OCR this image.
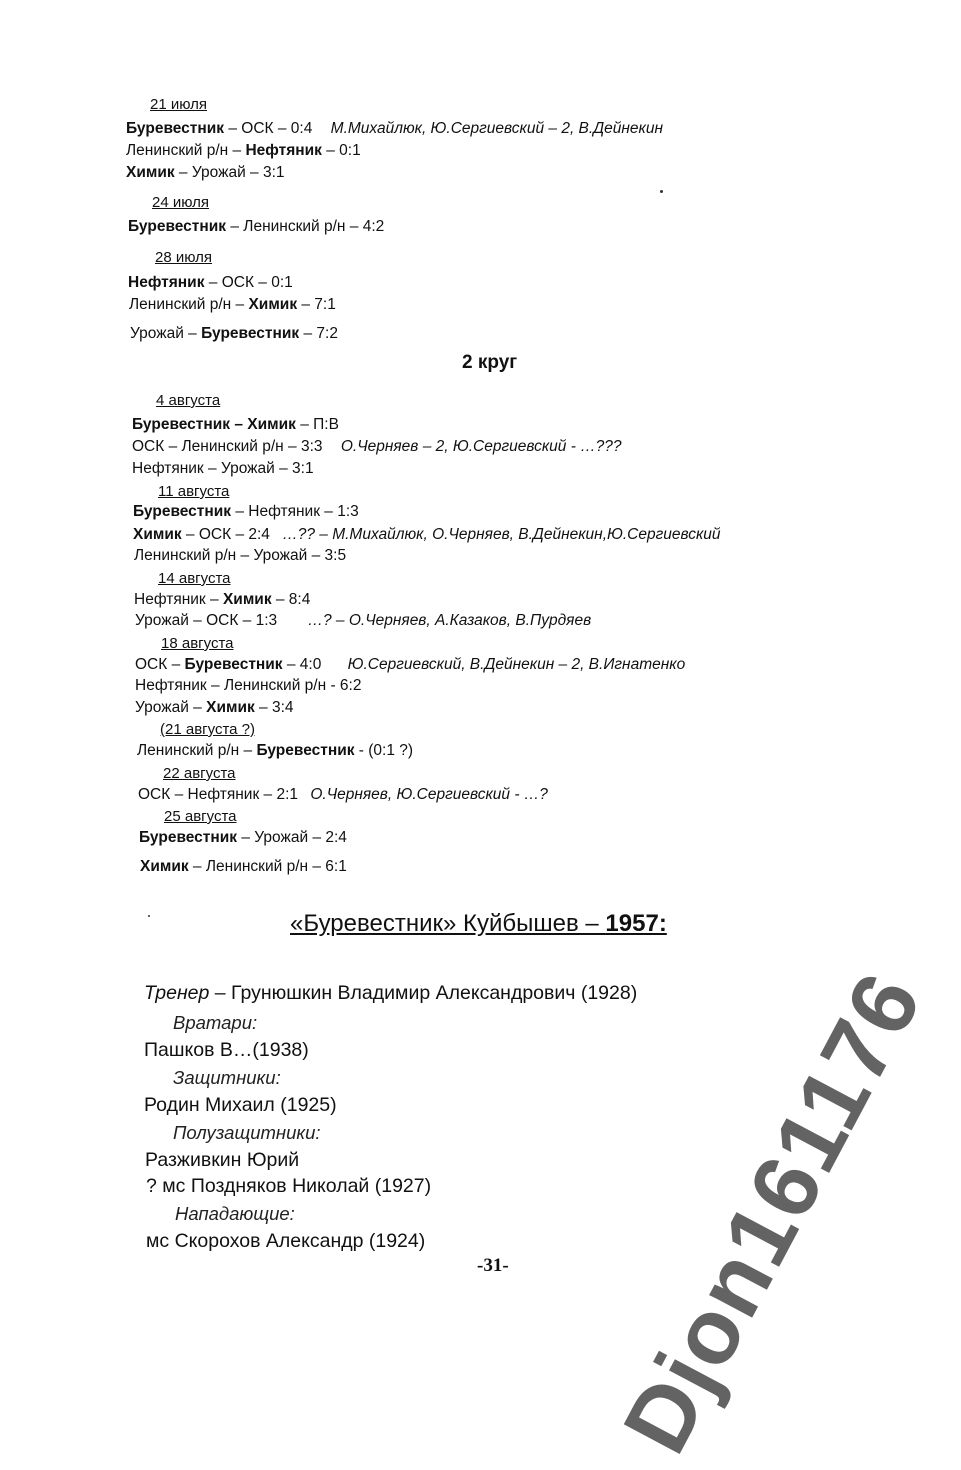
21 июля
Буревестник – ОСК – 0:4 М.Михайлюк, Ю.Сергиевский – 2, В.Дейнекин
Ленинский р/н – Нефтяник – 0:1
Химик – Урожай – 3:1
24 июля
Буревестник – Ленинский р/н – 4:2
28 июля
Нефтяник – ОСК – 0:1
Ленинский р/н – Химик – 7:1
Урожай – Буревестник – 7:2
2 круг
4 августа
Буревестник – Химик – П:В
ОСК – Ленинский р/н – 3:3 О.Черняев – 2, Ю.Сергиевский - …???
Нефтяник – Урожай – 3:1
11 августа
Буревестник – Нефтяник – 1:3
Химик – ОСК – 2:4 …?? – М.Михайлюк, О.Черняев, В.Дейнекин,Ю.Сергиевский
Ленинский р/н – Урожай – 3:5
14 августа
Нефтяник – Химик – 8:4
Урожай – ОСК – 1:3 …? – О.Черняев, А.Казаков, В.Пурдяев
18 августа
ОСК – Буревестник – 4:0 Ю.Сергиевский, В.Дейнекин – 2, В.Игнатенко
Нефтяник – Ленинский р/н - 6:2
Урожай – Химик – 3:4
(21 августа ?)
Ленинский р/н – Буревестник - (0:1 ?)
22 августа
ОСК – Нефтяник – 2:1 О.Черняев, Ю.Сергиевский - …?
25 августа
Буревестник – Урожай – 2:4
Химик – Ленинский р/н – 6:1
«Буревестник» Куйбышев – 1957:
Тренер – Грунюшкин Владимир Александрович (1928)
Вратари:
Пашков В…(1938)
Защитники:
Родин Михаил (1925)
Полузащитники:
Разживкин Юрий
? мс Поздняков Николай (1927)
Нападающие:
мс Скорохов Александр (1924)
-31- Djon161176
